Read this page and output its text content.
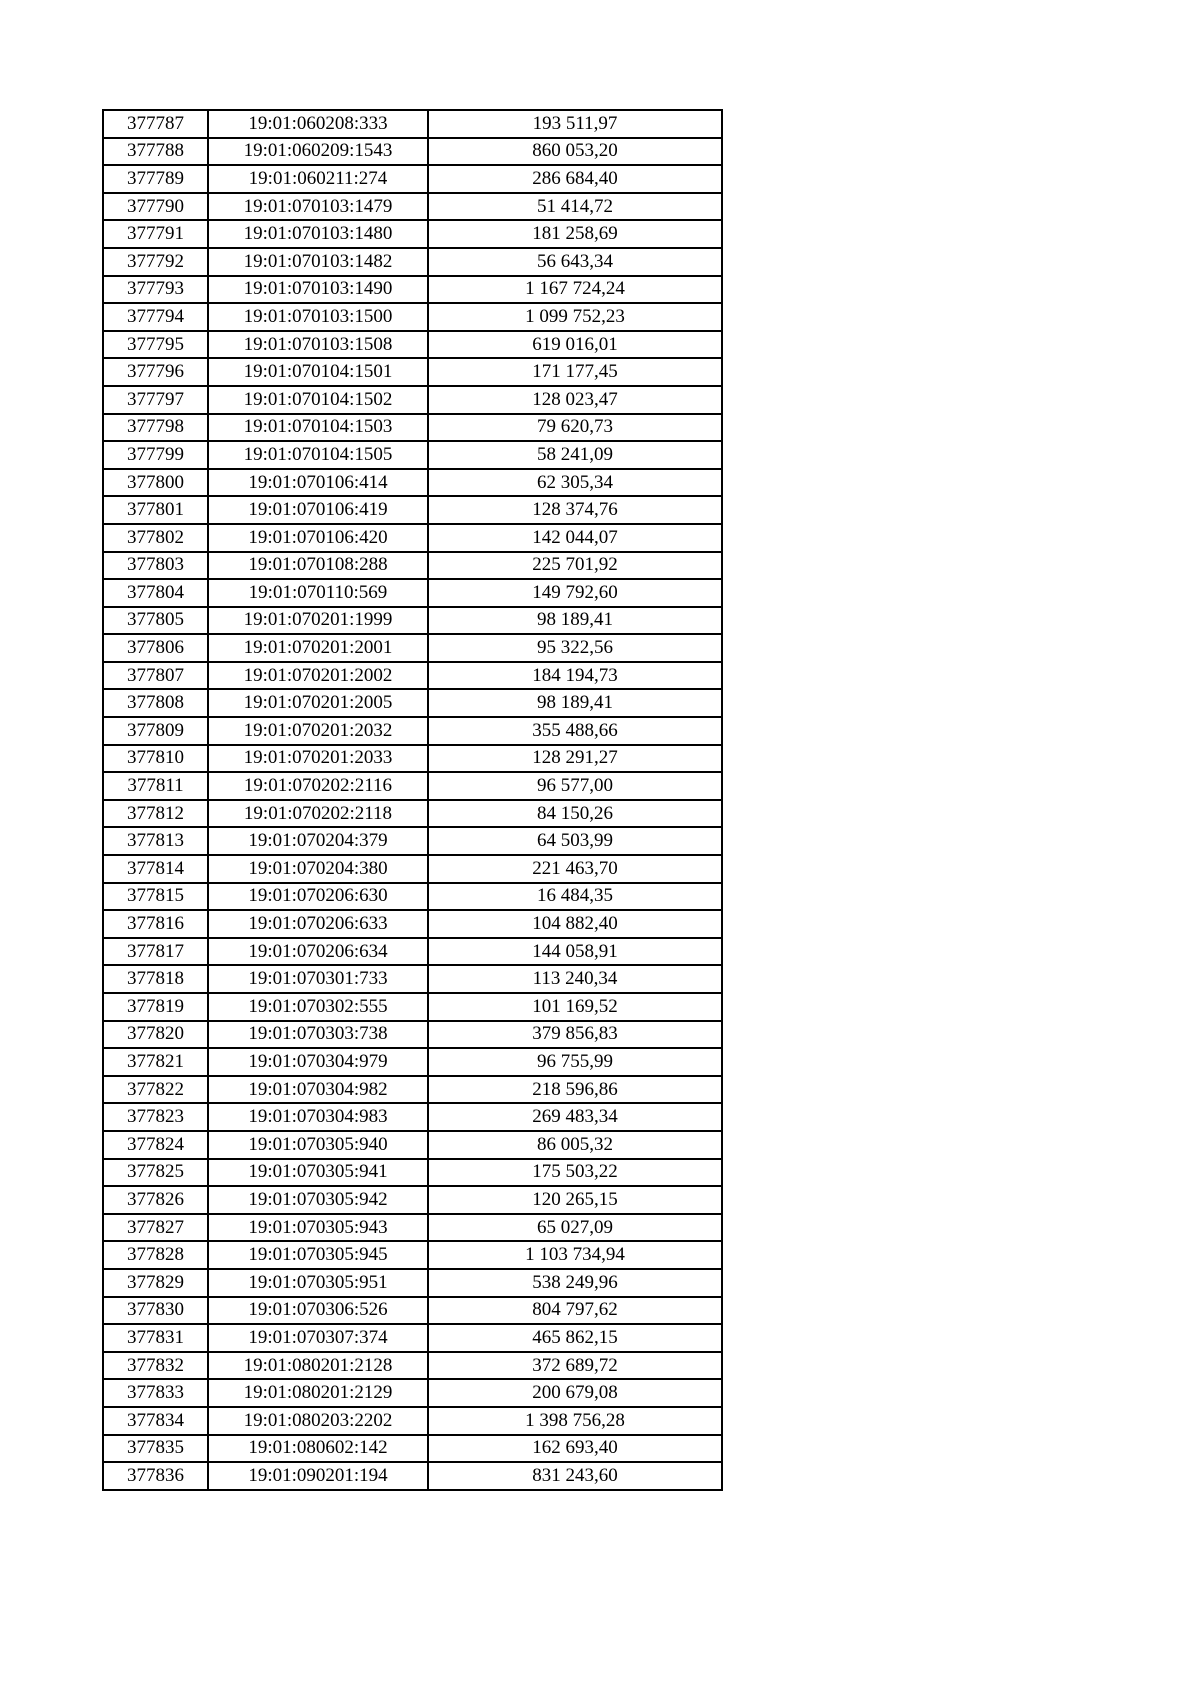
377787	19:01:060208:333	193 511,97
377788	19:01:060209:1543	860 053,20
377789	19:01:060211:274	286 684,40
377790	19:01:070103:1479	51 414,72
377791	19:01:070103:1480	181 258,69
377792	19:01:070103:1482	56 643,34
377793	19:01:070103:1490	1 167 724,24
377794	19:01:070103:1500	1 099 752,23
377795	19:01:070103:1508	619 016,01
377796	19:01:070104:1501	171 177,45
377797	19:01:070104:1502	128 023,47
377798	19:01:070104:1503	79 620,73
377799	19:01:070104:1505	58 241,09
377800	19:01:070106:414	62 305,34
377801	19:01:070106:419	128 374,76
377802	19:01:070106:420	142 044,07
377803	19:01:070108:288	225 701,92
377804	19:01:070110:569	149 792,60
377805	19:01:070201:1999	98 189,41
377806	19:01:070201:2001	95 322,56
377807	19:01:070201:2002	184 194,73
377808	19:01:070201:2005	98 189,41
377809	19:01:070201:2032	355 488,66
377810	19:01:070201:2033	128 291,27
377811	19:01:070202:2116	96 577,00
377812	19:01:070202:2118	84 150,26
377813	19:01:070204:379	64 503,99
377814	19:01:070204:380	221 463,70
377815	19:01:070206:630	16 484,35
377816	19:01:070206:633	104 882,40
377817	19:01:070206:634	144 058,91
377818	19:01:070301:733	113 240,34
377819	19:01:070302:555	101 169,52
377820	19:01:070303:738	379 856,83
377821	19:01:070304:979	96 755,99
377822	19:01:070304:982	218 596,86
377823	19:01:070304:983	269 483,34
377824	19:01:070305:940	86 005,32
377825	19:01:070305:941	175 503,22
377826	19:01:070305:942	120 265,15
377827	19:01:070305:943	65 027,09
377828	19:01:070305:945	1 103 734,94
377829	19:01:070305:951	538 249,96
377830	19:01:070306:526	804 797,62
377831	19:01:070307:374	465 862,15
377832	19:01:080201:2128	372 689,72
377833	19:01:080201:2129	200 679,08
377834	19:01:080203:2202	1 398 756,28
377835	19:01:080602:142	162 693,40
377836	19:01:090201:194	831 243,60
